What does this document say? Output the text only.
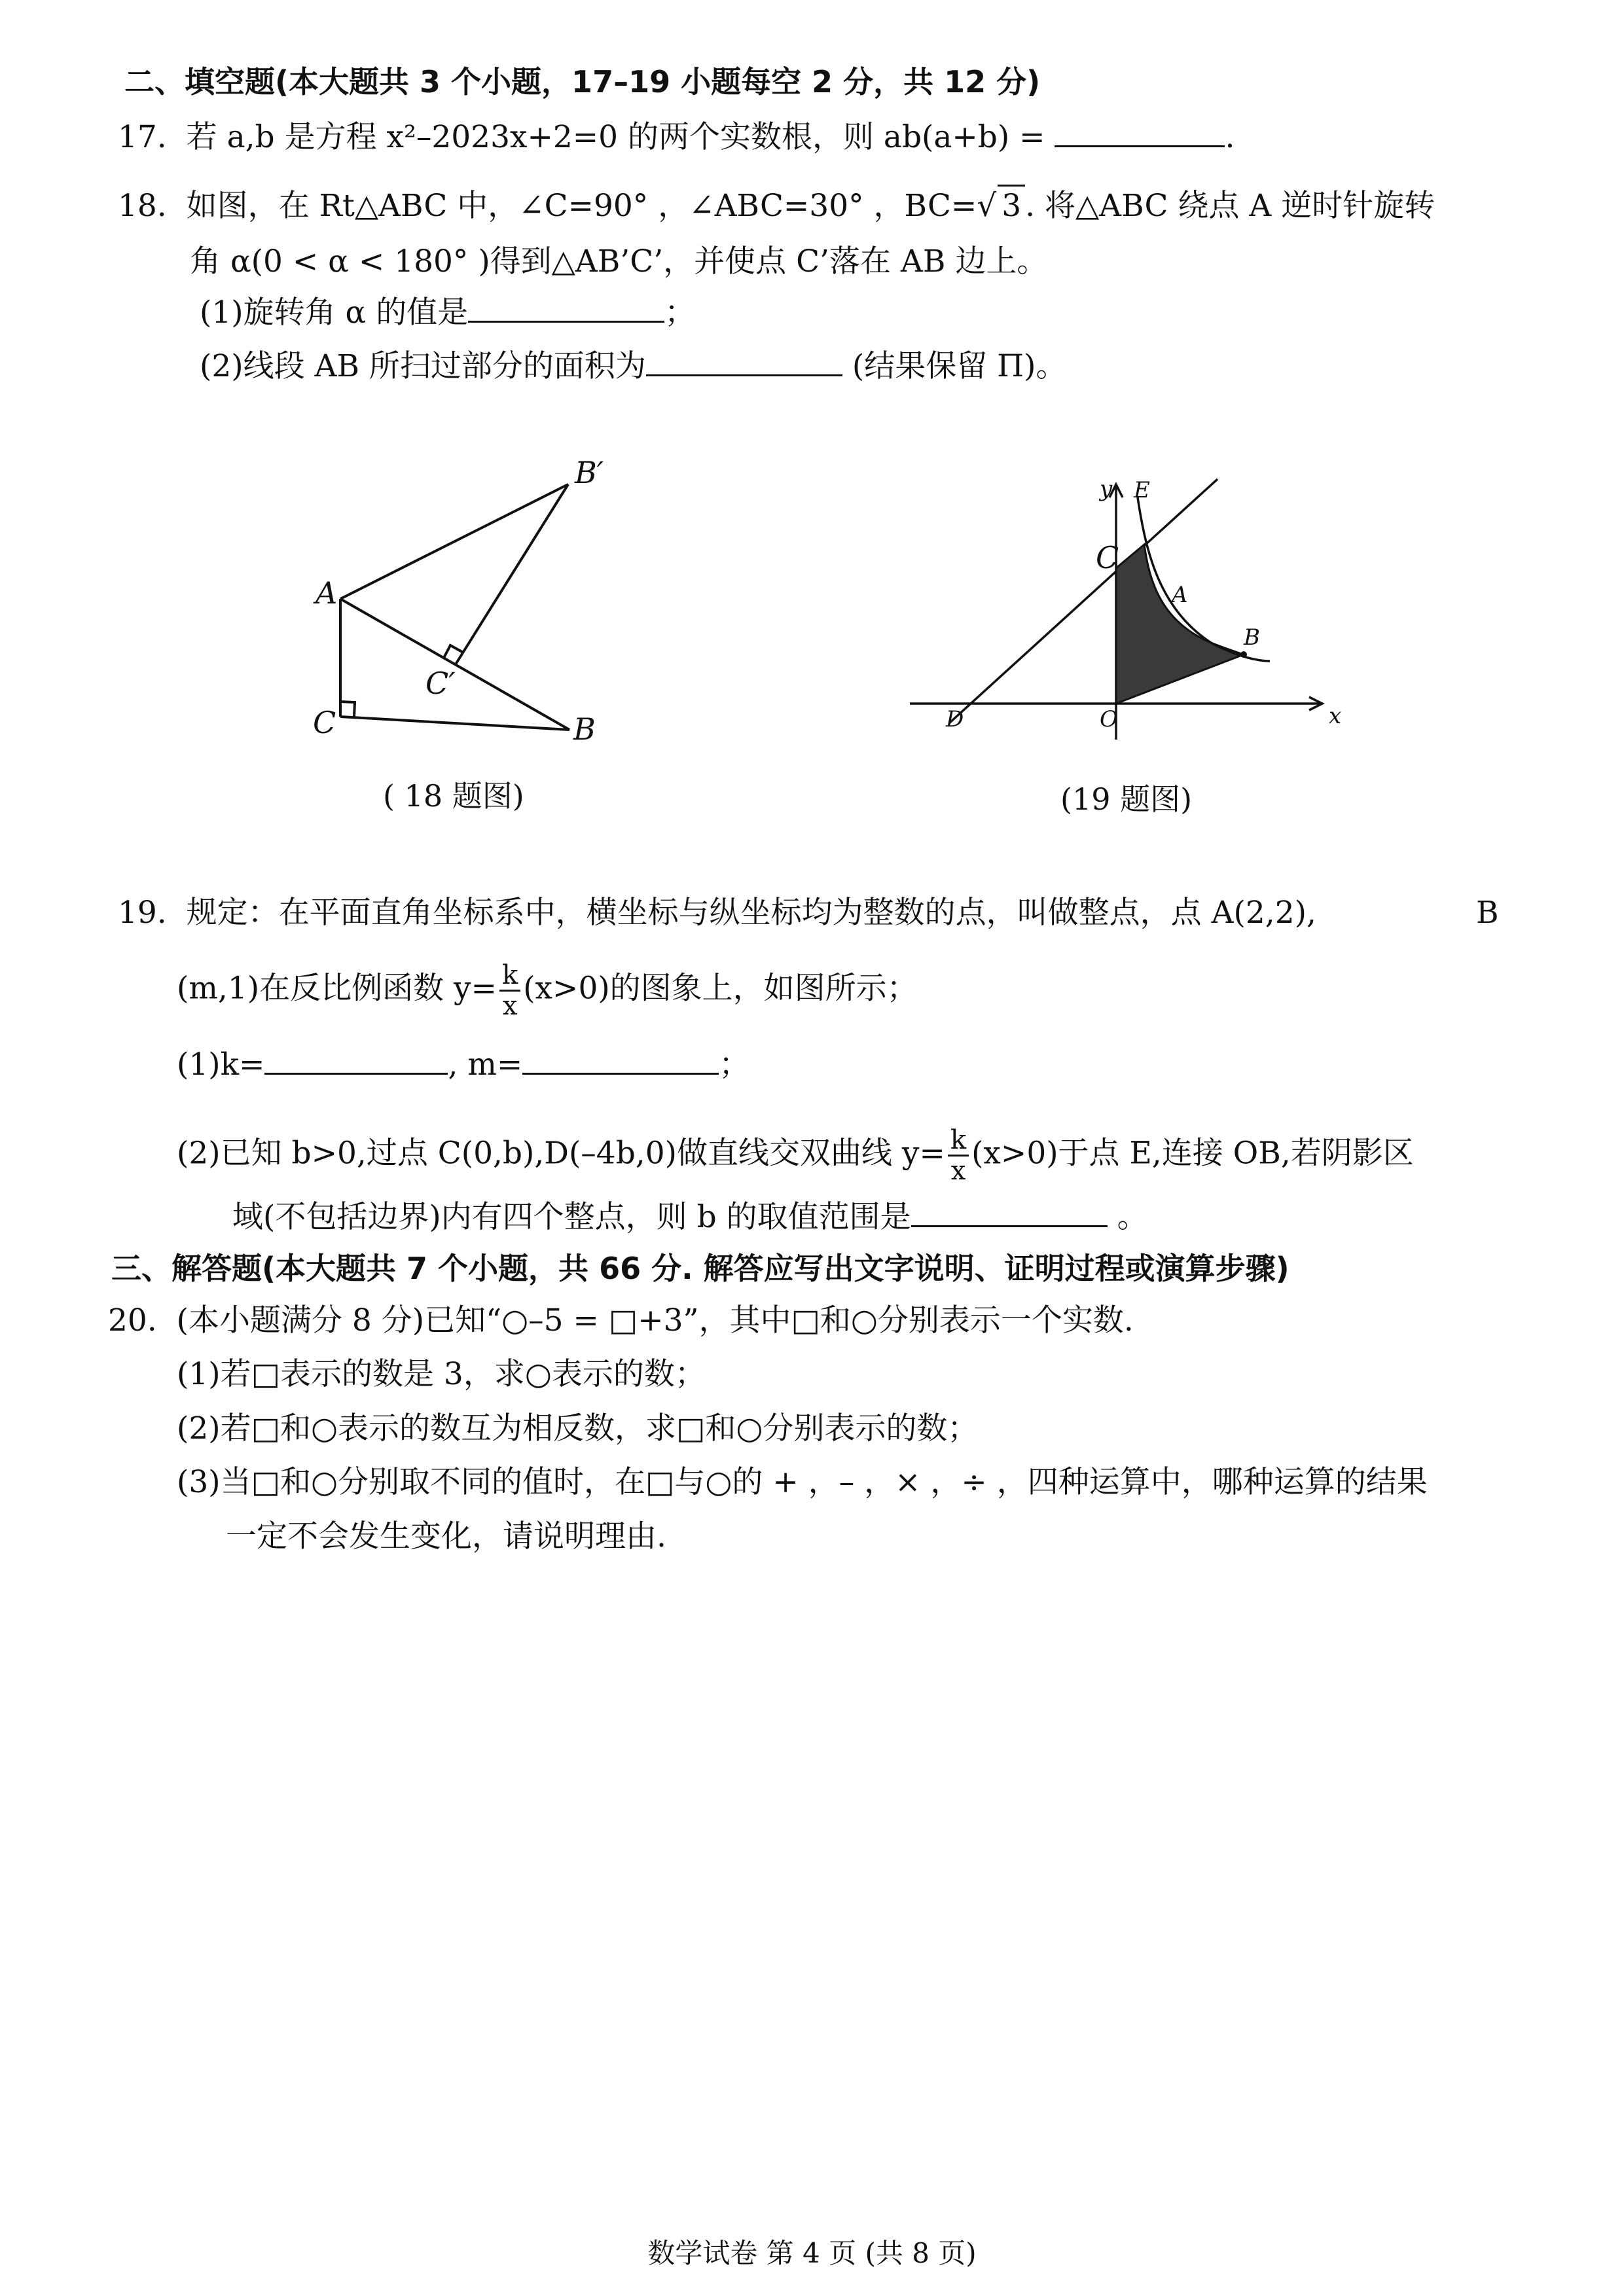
二、填空题(本大题共 3 个小题，17–19 小题每空 2 分，共 12 分)
17. 若 a,b 是方程 x²–2023x+2=0 的两个实数根，则 ab(a+b) =	.
18. 如图，在 Rt△ABC 中，∠C=90° ，∠ABC=30° ，BC=√ 3 . 将△ABC 绕点 A 逆时针旋转
角 α(0 < α < 180° )得到△AB’C’，并使点 C’落在 AB 边上。
(1)旋转角 α 的值是	；
(2)线段 AB 所扫过部分的面积为	(结果保留 Π)。
A
C	B
B′
C′
( 18 题图)
y
x
E
C
A
B
D	O
(19 题图)
19. 规定：在平面直角坐标系中，横坐标与纵坐标均为整数的点，叫做整点，点 A(2,2),	B
(m,1)在反比例函数 $y= \frac{k}{x} (x>0)$的图象上，如图所示；
(1)k=	, m=	；
(2)已知 b>0,过点 C(0,b),D(–4b,0)做直线交双曲线 $y= \frac{k}{x} (x>0)$于点 E,连接 OB,若阴影区
域(不包括边界)内有四个整点，则 b 的取值范围是	。
三、解答题(本大题共 7 个小题，共 66 分. 解答应写出文字说明、证明过程或演算步骤)
20. (本小题满分 8 分)已知“○–5 = □+3”，其中□和○分别表示一个实数.
(1)若□表示的数是 3，求○表示的数；
(2)若□和○表示的数互为相反数，求□和○分别表示的数；
(3)当□和○分别取不同的值时，在□与○的 + ，– ，× ，÷ ，四种运算中，哪种运算的结果
一定不会发生变化，请说明理由.
数学试卷 第 4 页 (共 8 页)
